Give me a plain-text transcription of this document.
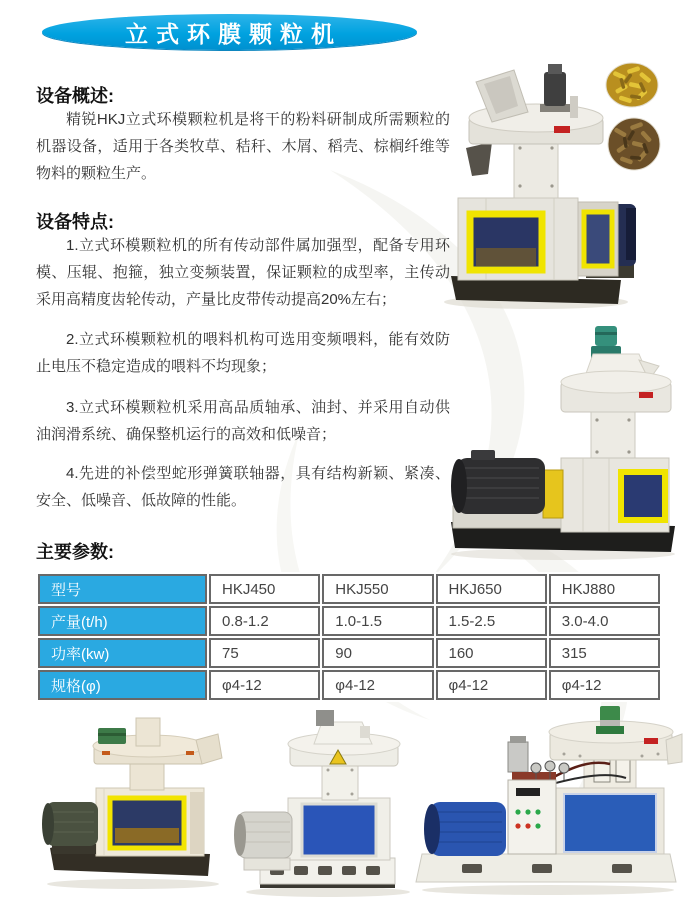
立式环膜颗粒机
设备概述:

精锐HKJ立式环模颗粒机是将干的粉料研制成所需颗粒的机器设备，适用于各类牧草、秸秆、木屑、稻壳、棕榈纤维等物料的颗粒生产。

设备特点:

1.立式环模颗粒机的所有传动部件属加强型，配备专用环模、压辊、抱箍，独立变频装置，保证颗粒的成型率，主传动采用高精度齿轮传动，产量比皮带传动提高20%左右；

2.立式环模颗粒机的喂料机构可选用变频喂料，能有效防止电压不稳定造成的喂料不均现象；

3.立式环模颗粒机采用高品质轴承、油封、并采用自动供油润滑系统、确保整机运行的高效和低噪音；

4.先进的补偿型蛇形弹簧联轴器，具有结构新颖、紧凑、安全、低噪音、低故障的性能。

主要参数:
型号	HKJ450	HKJ550	HKJ650	HKJ880
产量(t/h)	0.8-1.2	1.0-1.5	1.5-2.5	3.0-4.0
功率(kw)	75	90	160	315
规格(φ)	φ4-12	φ4-12	φ4-12	φ4-12
